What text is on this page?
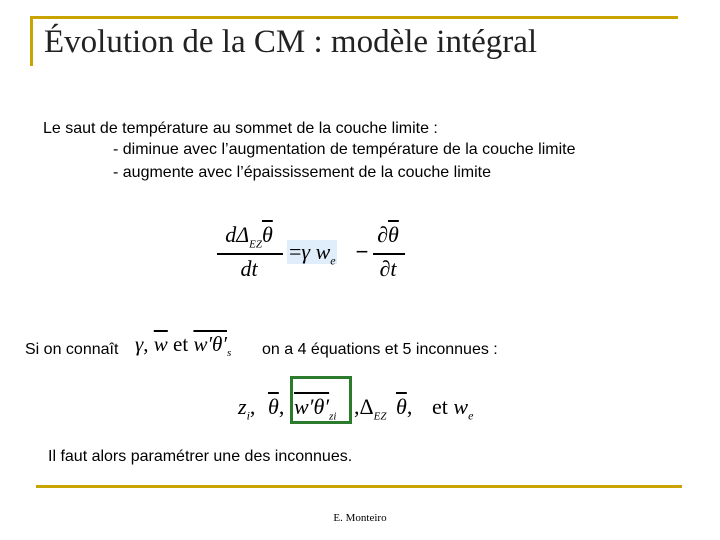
Évolution de la CM : modèle intégral
Le saut de température au sommet de la couche limite :
- diminue avec l’augmentation de température de la couche limite
- augmente avec l’épaississement de la couche limite
$d\Delta_{EZ}\overline{\theta}$
dt
=γ $w_e$ −
$\partial\overline{\theta}$
∂t
Si on connaît γ, $\overline{w}$ et $w'\theta'_s$ on a 4 équations et 5 inconnues :
$z_i$, $\overline{\theta}$, $w'\theta'_{zi}$ $,\Delta_{EZ}$ $\overline{\theta}$, et $w_e$
Il faut alors paramétrer une des inconnues.
E. Monteiro
